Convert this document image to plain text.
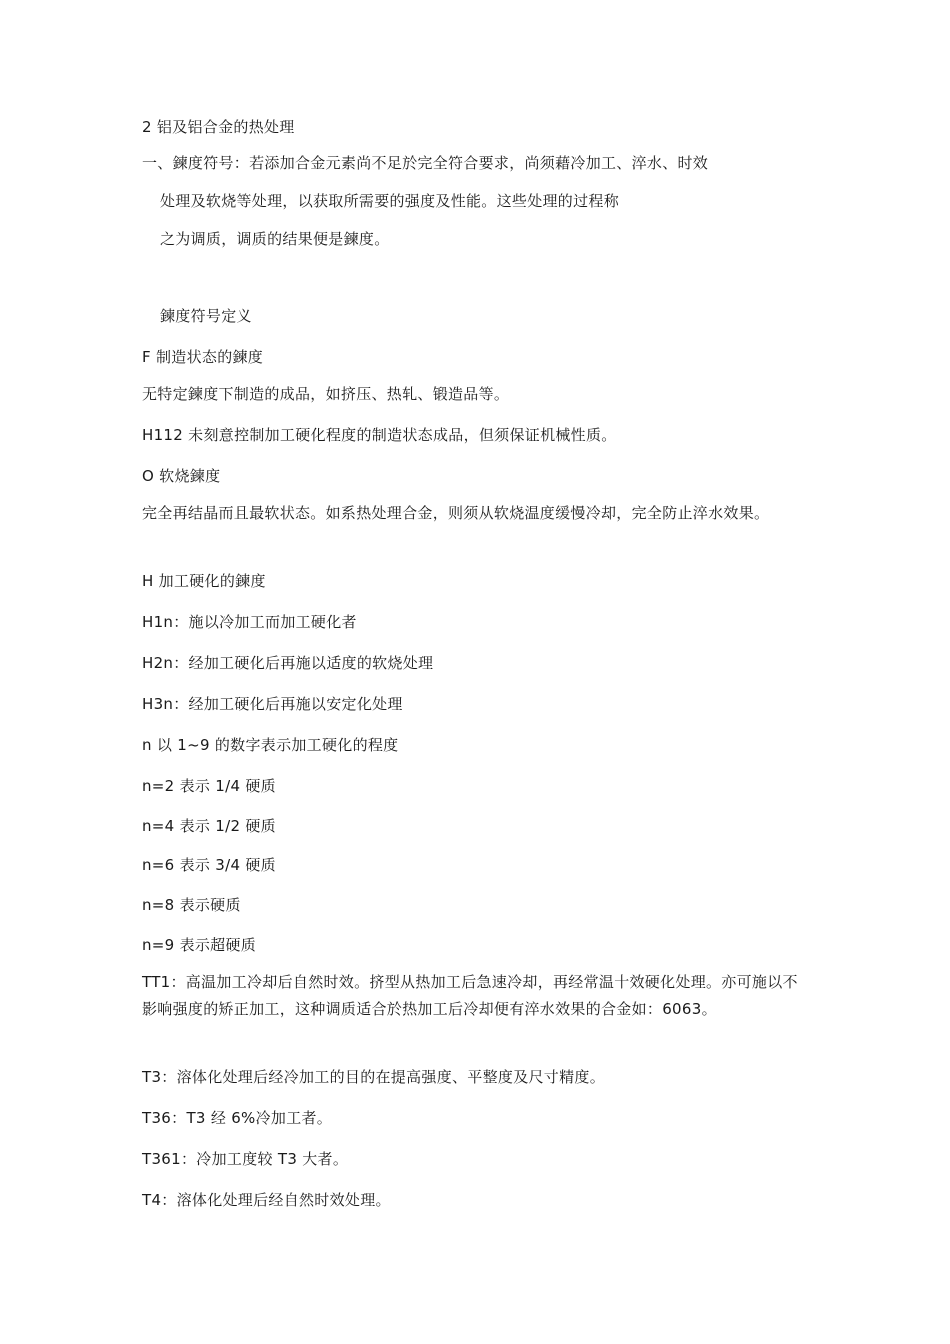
2 铝及铝合金的热处理
一、鍊度符号：若添加合金元素尚不足於完全符合要求，尚须藉冷加工、淬水、时效
处理及软烧等处理，以获取所需要的强度及性能。这些处理的过程称
之为调质，调质的结果便是鍊度。
鍊度符号定义
F 制造状态的鍊度
无特定鍊度下制造的成品，如挤压、热轧、锻造品等。
H112 未刻意控制加工硬化程度的制造状态成品，但须保证机械性质。
O 软烧鍊度
完全再结晶而且最软状态。如系热处理合金，则须从软烧温度缓慢冷却，完全防止淬水效果。
H 加工硬化的鍊度
H1n：施以冷加工而加工硬化者
H2n：经加工硬化后再施以适度的软烧处理
H3n：经加工硬化后再施以安定化处理
n 以 1~9 的数字表示加工硬化的程度
n=2 表示 1/4 硬质
n=4 表示 1/2 硬质
n=6 表示 3/4 硬质
n=8 表示硬质
n=9 表示超硬质
TT1：高温加工冷却后自然时效。挤型从热加工后急速冷却，再经常温十效硬化处理。亦可施以不影响强度的矫正加工，这种调质适合於热加工后冷却便有淬水效果的合金如：6063。
T3：溶体化处理后经冷加工的目的在提高强度、平整度及尺寸精度。
T36：T3 经 6%冷加工者。
T361：冷加工度较 T3 大者。
T4：溶体化处理后经自然时效处理。
